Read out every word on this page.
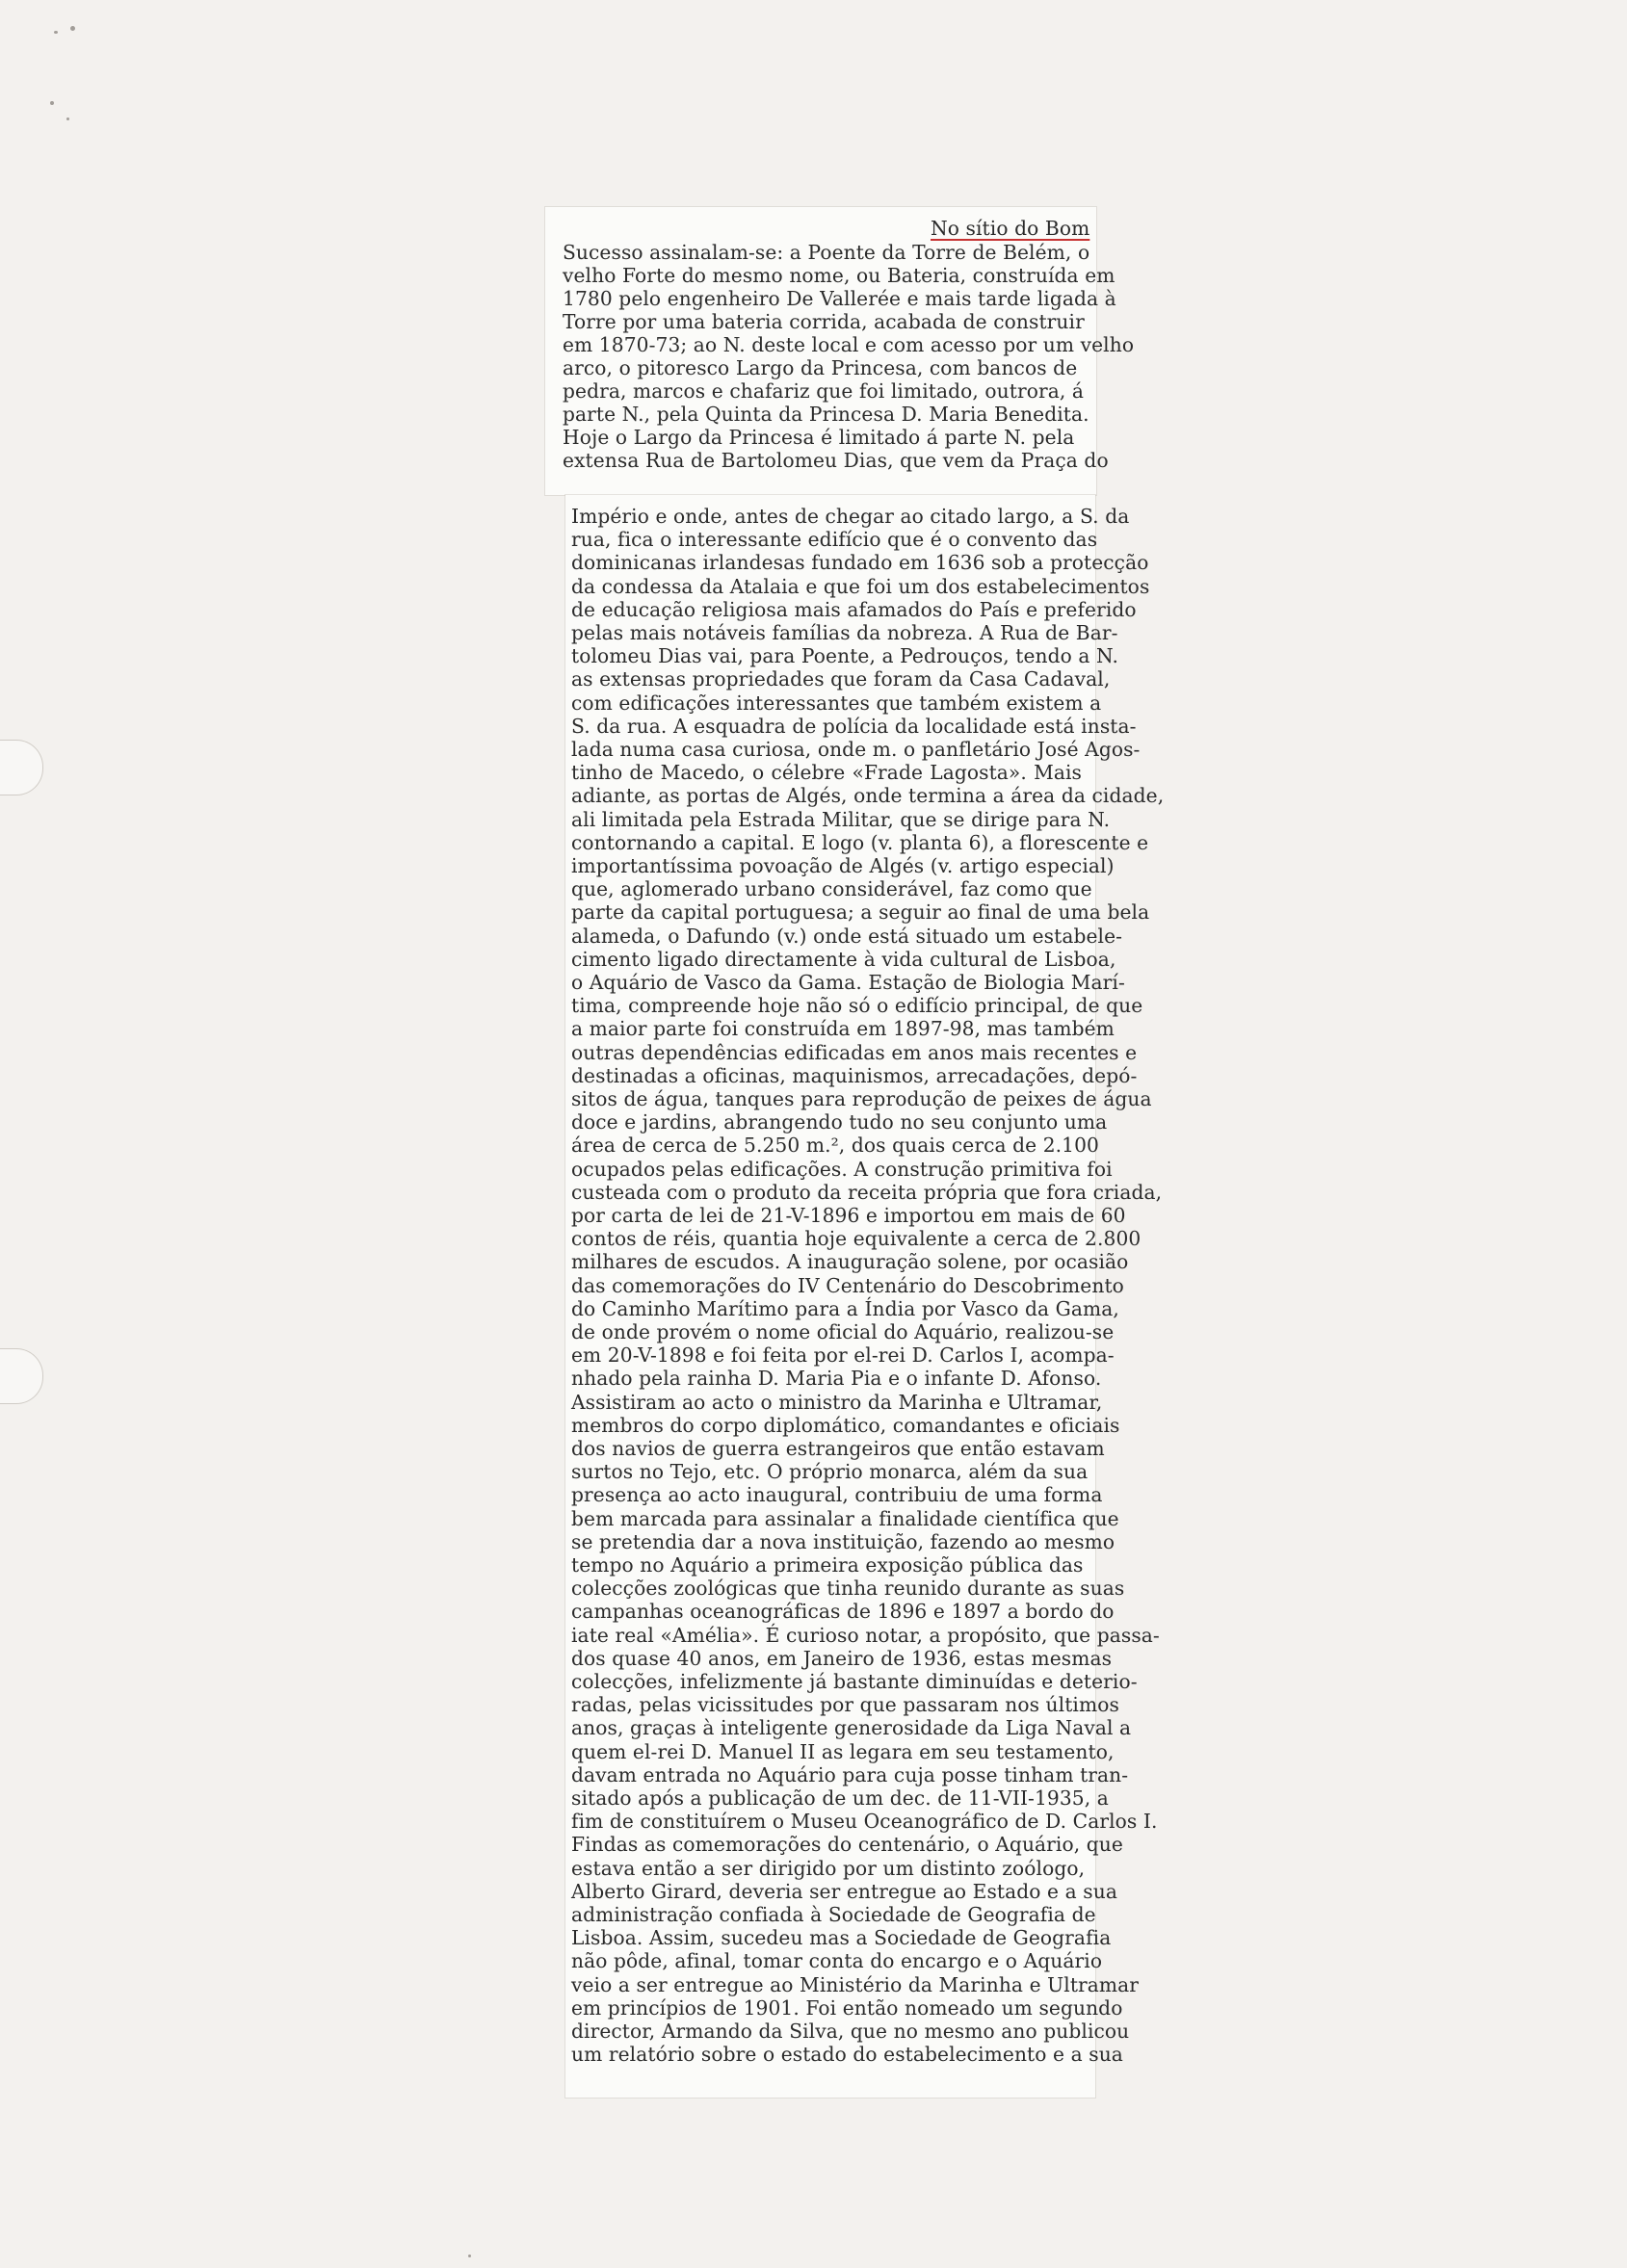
No sítio do Bom
Sucesso assinalam-se: a Poente da Torre de Belém, o
velho Forte do mesmo nome, ou Bateria, construída em
1780 pelo engenheiro De Vallerée e mais tarde ligada à
Torre por uma bateria corrida, acabada de construir
em 1870-73; ao N. deste local e com acesso por um velho
arco, o pitoresco Largo da Princesa, com bancos de
pedra, marcos e chafariz que foi limitado, outrora, á
parte N., pela Quinta da Princesa D. Maria Benedita.
Hoje o Largo da Princesa é limitado á parte N. pela
extensa Rua de Bartolomeu Dias, que vem da Praça do
Império e onde, antes de chegar ao citado largo, a S. da
rua, fica o interessante edifício que é o convento das
dominicanas irlandesas fundado em 1636 sob a protecção
da condessa da Atalaia e que foi um dos estabelecimentos
de educação religiosa mais afamados do País e preferido
pelas mais notáveis famílias da nobreza. A Rua de Bar-
tolomeu Dias vai, para Poente, a Pedrouços, tendo a N.
as extensas propriedades que foram da Casa Cadaval,
com edificações interessantes que também existem a
S. da rua. A esquadra de polícia da localidade está insta-
lada numa casa curiosa, onde m. o panfletário José Agos-
tinho de Macedo, o célebre «Frade Lagosta». Mais
adiante, as portas de Algés, onde termina a área da cidade,
ali limitada pela Estrada Militar, que se dirige para N.
contornando a capital. E logo (v. planta 6), a florescente e
importantíssima povoação de Algés (v. artigo especial)
que, aglomerado urbano considerável, faz como que
parte da capital portuguesa; a seguir ao final de uma bela
alameda, o Dafundo (v.) onde está situado um estabele-
cimento ligado directamente à vida cultural de Lisboa,
o Aquário de Vasco da Gama. Estação de Biologia Marí-
tima, compreende hoje não só o edifício principal, de que
a maior parte foi construída em 1897-98, mas também
outras dependências edificadas em anos mais recentes e
destinadas a oficinas, maquinismos, arrecadações, depó-
sitos de água, tanques para reprodução de peixes de água
doce e jardins, abrangendo tudo no seu conjunto uma
área de cerca de 5.250 m.², dos quais cerca de 2.100
ocupados pelas edificações. A construção primitiva foi
custeada com o produto da receita própria que fora criada,
por carta de lei de 21-V-1896 e importou em mais de 60
contos de réis, quantia hoje equivalente a cerca de 2.800
milhares de escudos. A inauguração solene, por ocasião
das comemorações do IV Centenário do Descobrimento
do Caminho Marítimo para a Índia por Vasco da Gama,
de onde provém o nome oficial do Aquário, realizou-se
em 20-V-1898 e foi feita por el-rei D. Carlos I, acompa-
nhado pela rainha D. Maria Pia e o infante D. Afonso.
Assistiram ao acto o ministro da Marinha e Ultramar,
membros do corpo diplomático, comandantes e oficiais
dos navios de guerra estrangeiros que então estavam
surtos no Tejo, etc. O próprio monarca, além da sua
presença ao acto inaugural, contribuiu de uma forma
bem marcada para assinalar a finalidade científica que
se pretendia dar a nova instituição, fazendo ao mesmo
tempo no Aquário a primeira exposição pública das
colecções zoológicas que tinha reunido durante as suas
campanhas oceanográficas de 1896 e 1897 a bordo do
iate real «Amélia». É curioso notar, a propósito, que passa-
dos quase 40 anos, em Janeiro de 1936, estas mesmas
colecções, infelizmente já bastante diminuídas e deterio-
radas, pelas vicissitudes por que passaram nos últimos
anos, graças à inteligente generosidade da Liga Naval a
quem el-rei D. Manuel II as legara em seu testamento,
davam entrada no Aquário para cuja posse tinham tran-
sitado após a publicação de um dec. de 11-VII-1935, a
fim de constituírem o Museu Oceanográfico de D. Carlos I.
Findas as comemorações do centenário, o Aquário, que
estava então a ser dirigido por um distinto zoólogo,
Alberto Girard, deveria ser entregue ao Estado e a sua
administração confiada à Sociedade de Geografia de
Lisboa. Assim, sucedeu mas a Sociedade de Geografia
não pôde, afinal, tomar conta do encargo e o Aquário
veio a ser entregue ao Ministério da Marinha e Ultramar
em princípios de 1901. Foi então nomeado um segundo
director, Armando da Silva, que no mesmo ano publicou
um relatório sobre o estado do estabelecimento e a sua
